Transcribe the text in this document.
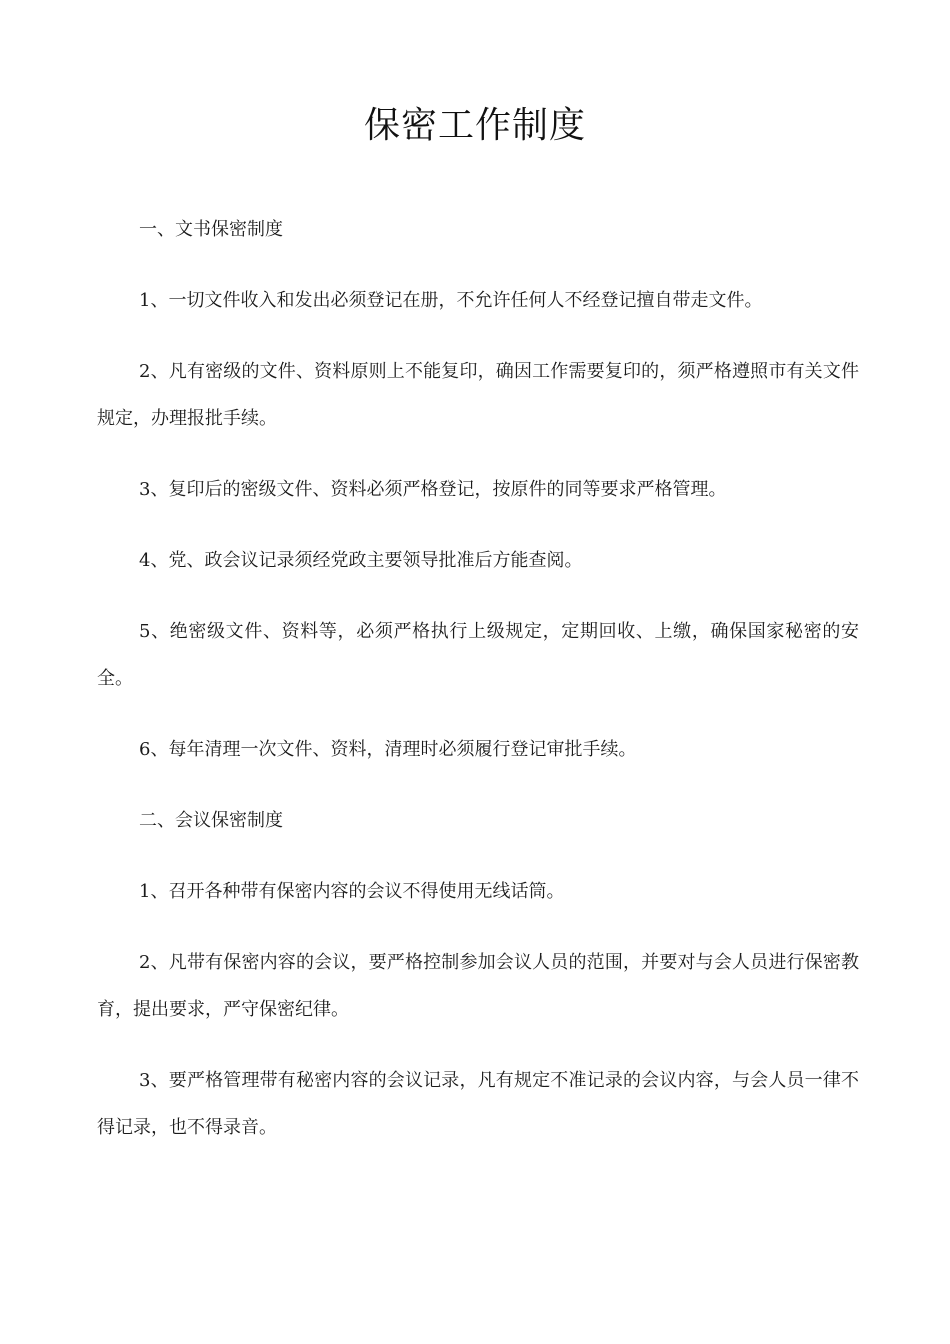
保密工作制度

一、文书保密制度

1、一切文件收入和发出必须登记在册，不允许任何人不经登记擅自带走文件。

2、凡有密级的文件、资料原则上不能复印，确因工作需要复印的，须严格遵照市有关文件规定，办理报批手续。

3、复印后的密级文件、资料必须严格登记，按原件的同等要求严格管理。

4、党、政会议记录须经党政主要领导批准后方能查阅。

5、绝密级文件、资料等，必须严格执行上级规定，定期回收、上缴，确保国家秘密的安全。

6、每年清理一次文件、资料，清理时必须履行登记审批手续。

二、会议保密制度

1、召开各种带有保密内容的会议不得使用无线话筒。

2、凡带有保密内容的会议，要严格控制参加会议人员的范围，并要对与会人员进行保密教育，提出要求，严守保密纪律。

3、要严格管理带有秘密内容的会议记录，凡有规定不准记录的会议内容，与会人员一律不得记录，也不得录音。
